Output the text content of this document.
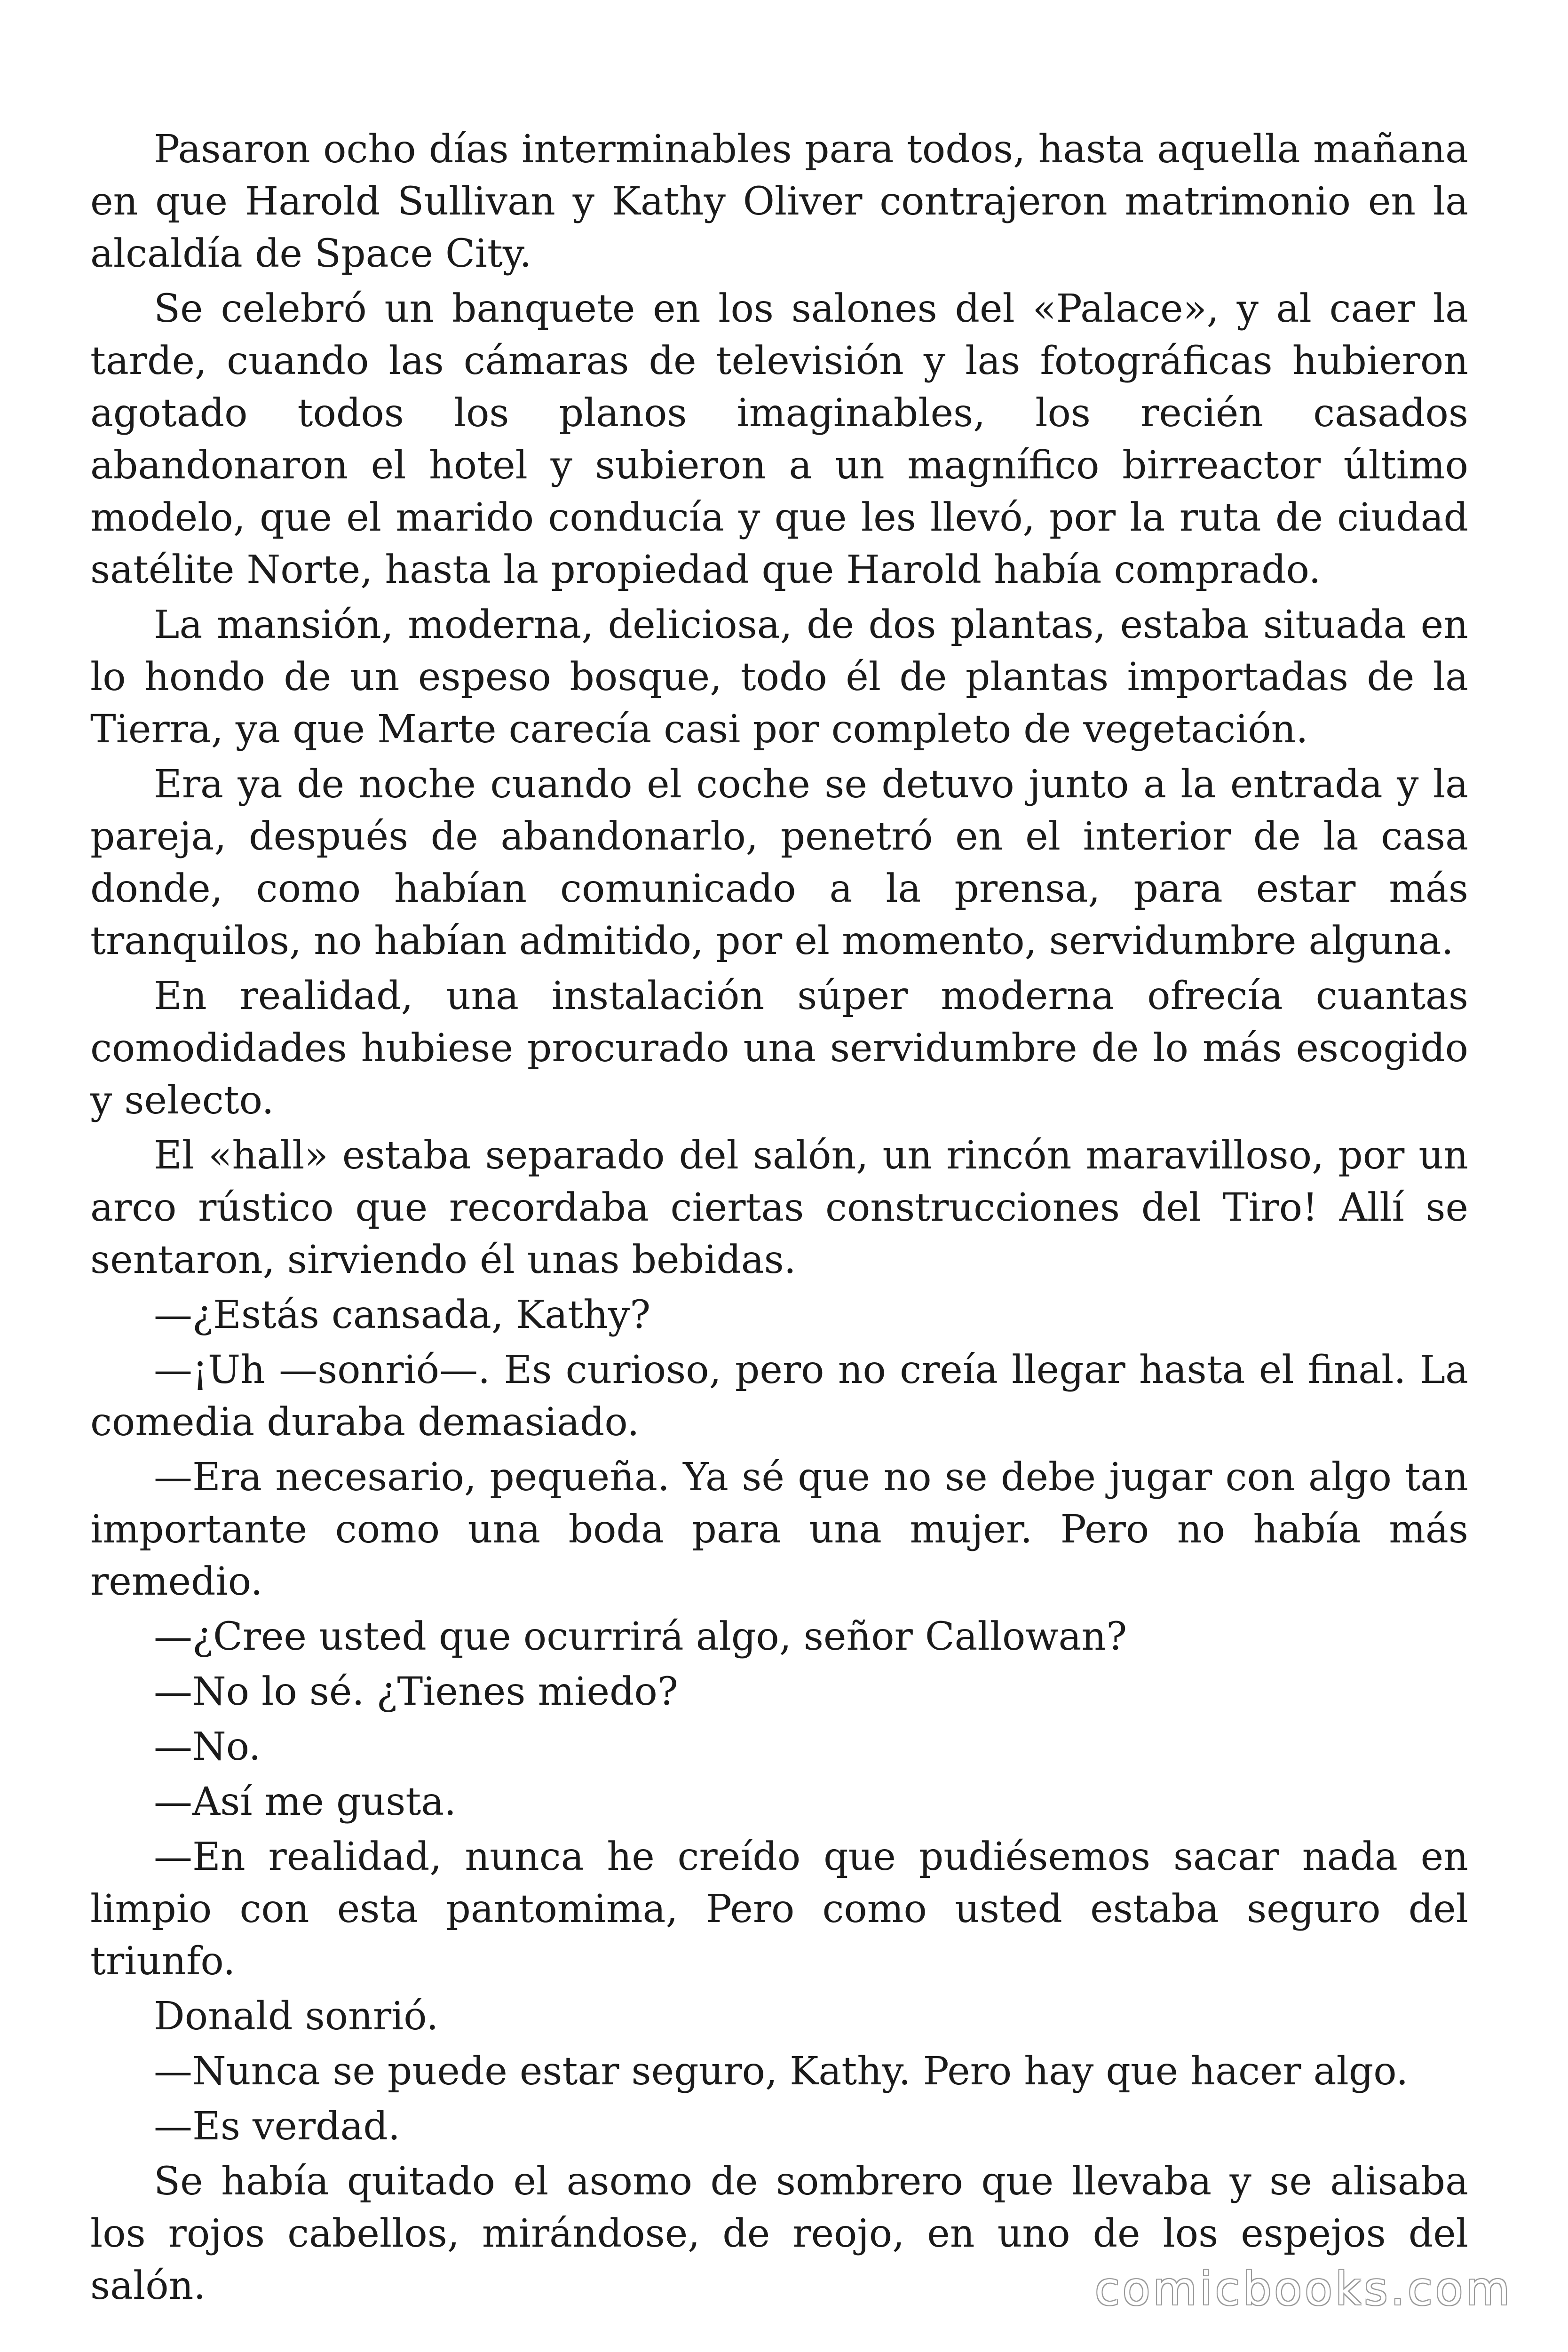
Pasaron ocho días interminables para todos, hasta aquella mañana en que Harold Sullivan y Kathy Oliver contrajeron matrimonio en la alcaldía de Space City.

Se celebró un banquete en los salones del «Palace», y al caer la tarde, cuando las cámaras de televisión y las fotográficas hubieron agotado todos los planos imaginables, los recién casados abandonaron el hotel y subieron a un magnífico birreactor último modelo, que el marido conducía y que les llevó, por la ruta de ciudad satélite Norte, hasta la propiedad que Harold había comprado.

La mansión, moderna, deliciosa, de dos plantas, estaba situada en lo hondo de un espeso bosque, todo él de plantas importadas de la Tierra, ya que Marte carecía casi por completo de vegetación.

Era ya de noche cuando el coche se detuvo junto a la entrada y la pareja, después de abandonarlo, penetró en el interior de la casa donde, como habían comunicado a la prensa, para estar más tranquilos, no habían admitido, por el momento, servidumbre alguna.

En realidad, una instalación súper moderna ofrecía cuantas comodidades hubiese procurado una servidumbre de lo más escogido y selecto.

El «hall» estaba separado del salón, un rincón maravilloso, por un arco rústico que recordaba ciertas construcciones del Tiro! Allí se sentaron, sirviendo él unas bebidas.

—¿Estás cansada, Kathy?

—¡Uh —sonrió—. Es curioso, pero no creía llegar hasta el final. La comedia duraba demasiado.

—Era necesario, pequeña. Ya sé que no se debe jugar con algo tan importante como una boda para una mujer. Pero no había más remedio.

—¿Cree usted que ocurrirá algo, señor Callowan?

—No lo sé. ¿Tienes miedo?

—No.

—Así me gusta.

—En realidad, nunca he creído que pudiésemos sacar nada en limpio con esta pantomima, Pero como usted estaba seguro del triunfo.

Donald sonrió.

—Nunca se puede estar seguro, Kathy. Pero hay que hacer algo.

—Es verdad.

Se había quitado el asomo de sombrero que llevaba y se alisaba los rojos cabellos, mirándose, de reojo, en uno de los espejos del salón.	comicbooks.com
